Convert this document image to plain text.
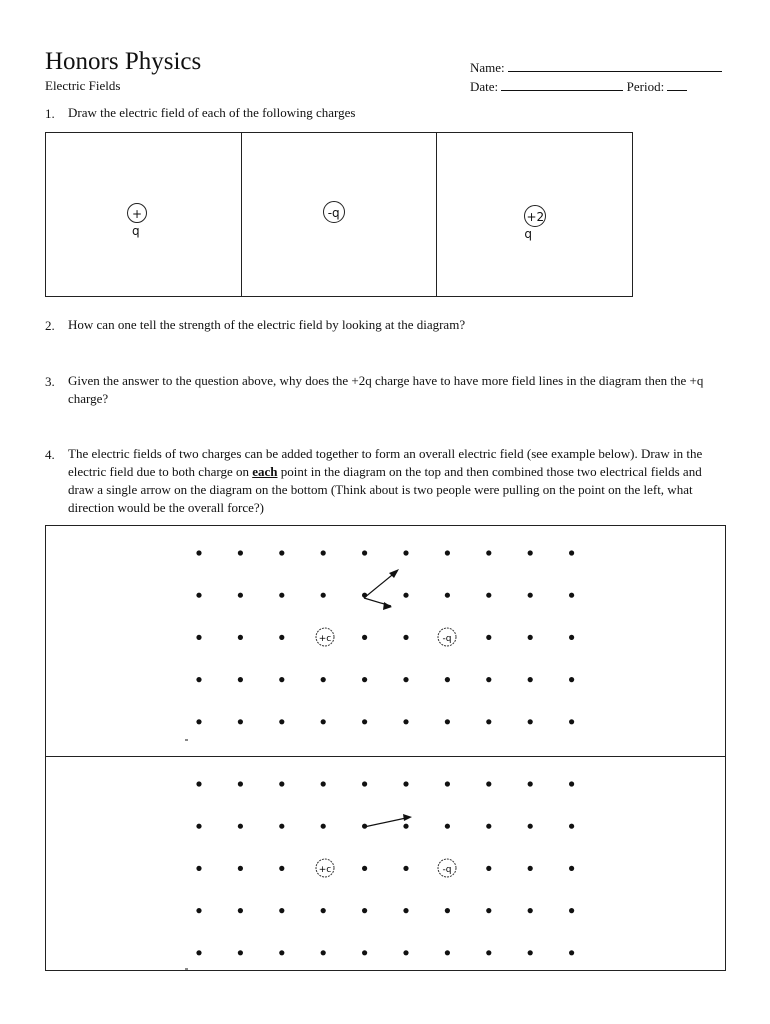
Honors Physics
Electric Fields
Name:
Date:	Period:
1. Draw the electric field of each of the following charges
+
q
-q	+2
q
2. How can one tell the strength of the electric field by looking at the diagram?
3. Given the answer to the question above, why does the +2q charge have to have more field lines in the diagram then the +q charge?
4. The electric fields of two charges can be added together to form an overall electric field (see example below). Draw in the electric field due to both charge on each point in the diagram on the top and then combined those two electrical fields and draw a single arrow on the diagram on the bottom (Think about is two people were pulling on the point on the left, what direction would be the overall force?)
+c	-q
+c	-q
